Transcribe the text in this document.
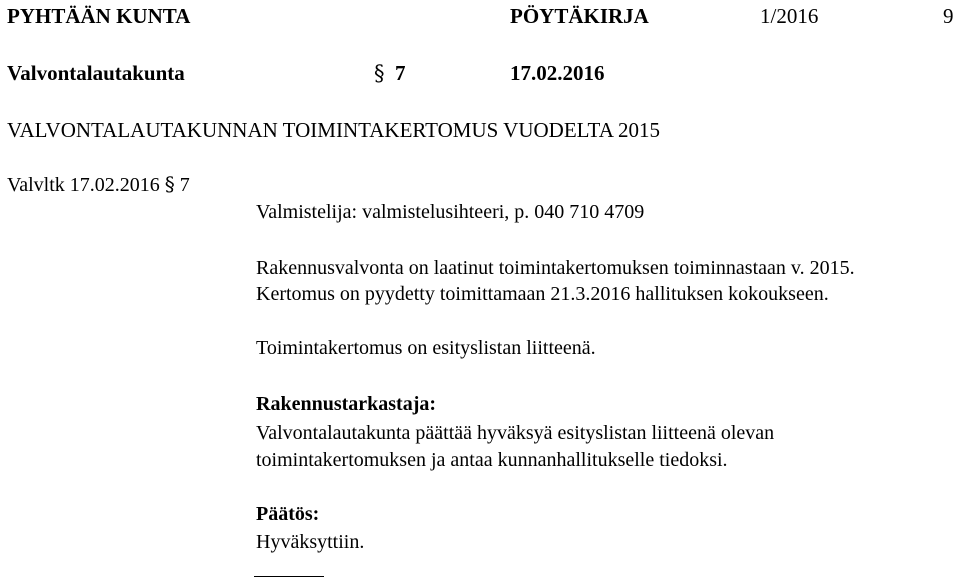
PYHTÄÄN KUNTA	PÖYTÄKIRJA	1/2016	9
Valvontalautakunta	§ 7	17.02.2016
VALVONTALAUTAKUNNAN TOIMINTAKERTOMUS VUODELTA 2015
Valvltk 17.02.2016 § 7
Valmistelija: valmistelusihteeri, p. 040 710 4709
Rakennusvalvonta on laatinut toimintakertomuksen toiminnastaan v. 2015.
Kertomus on pyydetty toimittamaan 21.3.2016 hallituksen kokoukseen.
Toimintakertomus on esityslistan liitteenä.
Rakennustarkastaja:
Valvontalautakunta päättää hyväksyä esityslistan liitteenä olevan
toimintakertomuksen ja antaa kunnanhallitukselle tiedoksi.
Päätös:
Hyväksyttiin.
